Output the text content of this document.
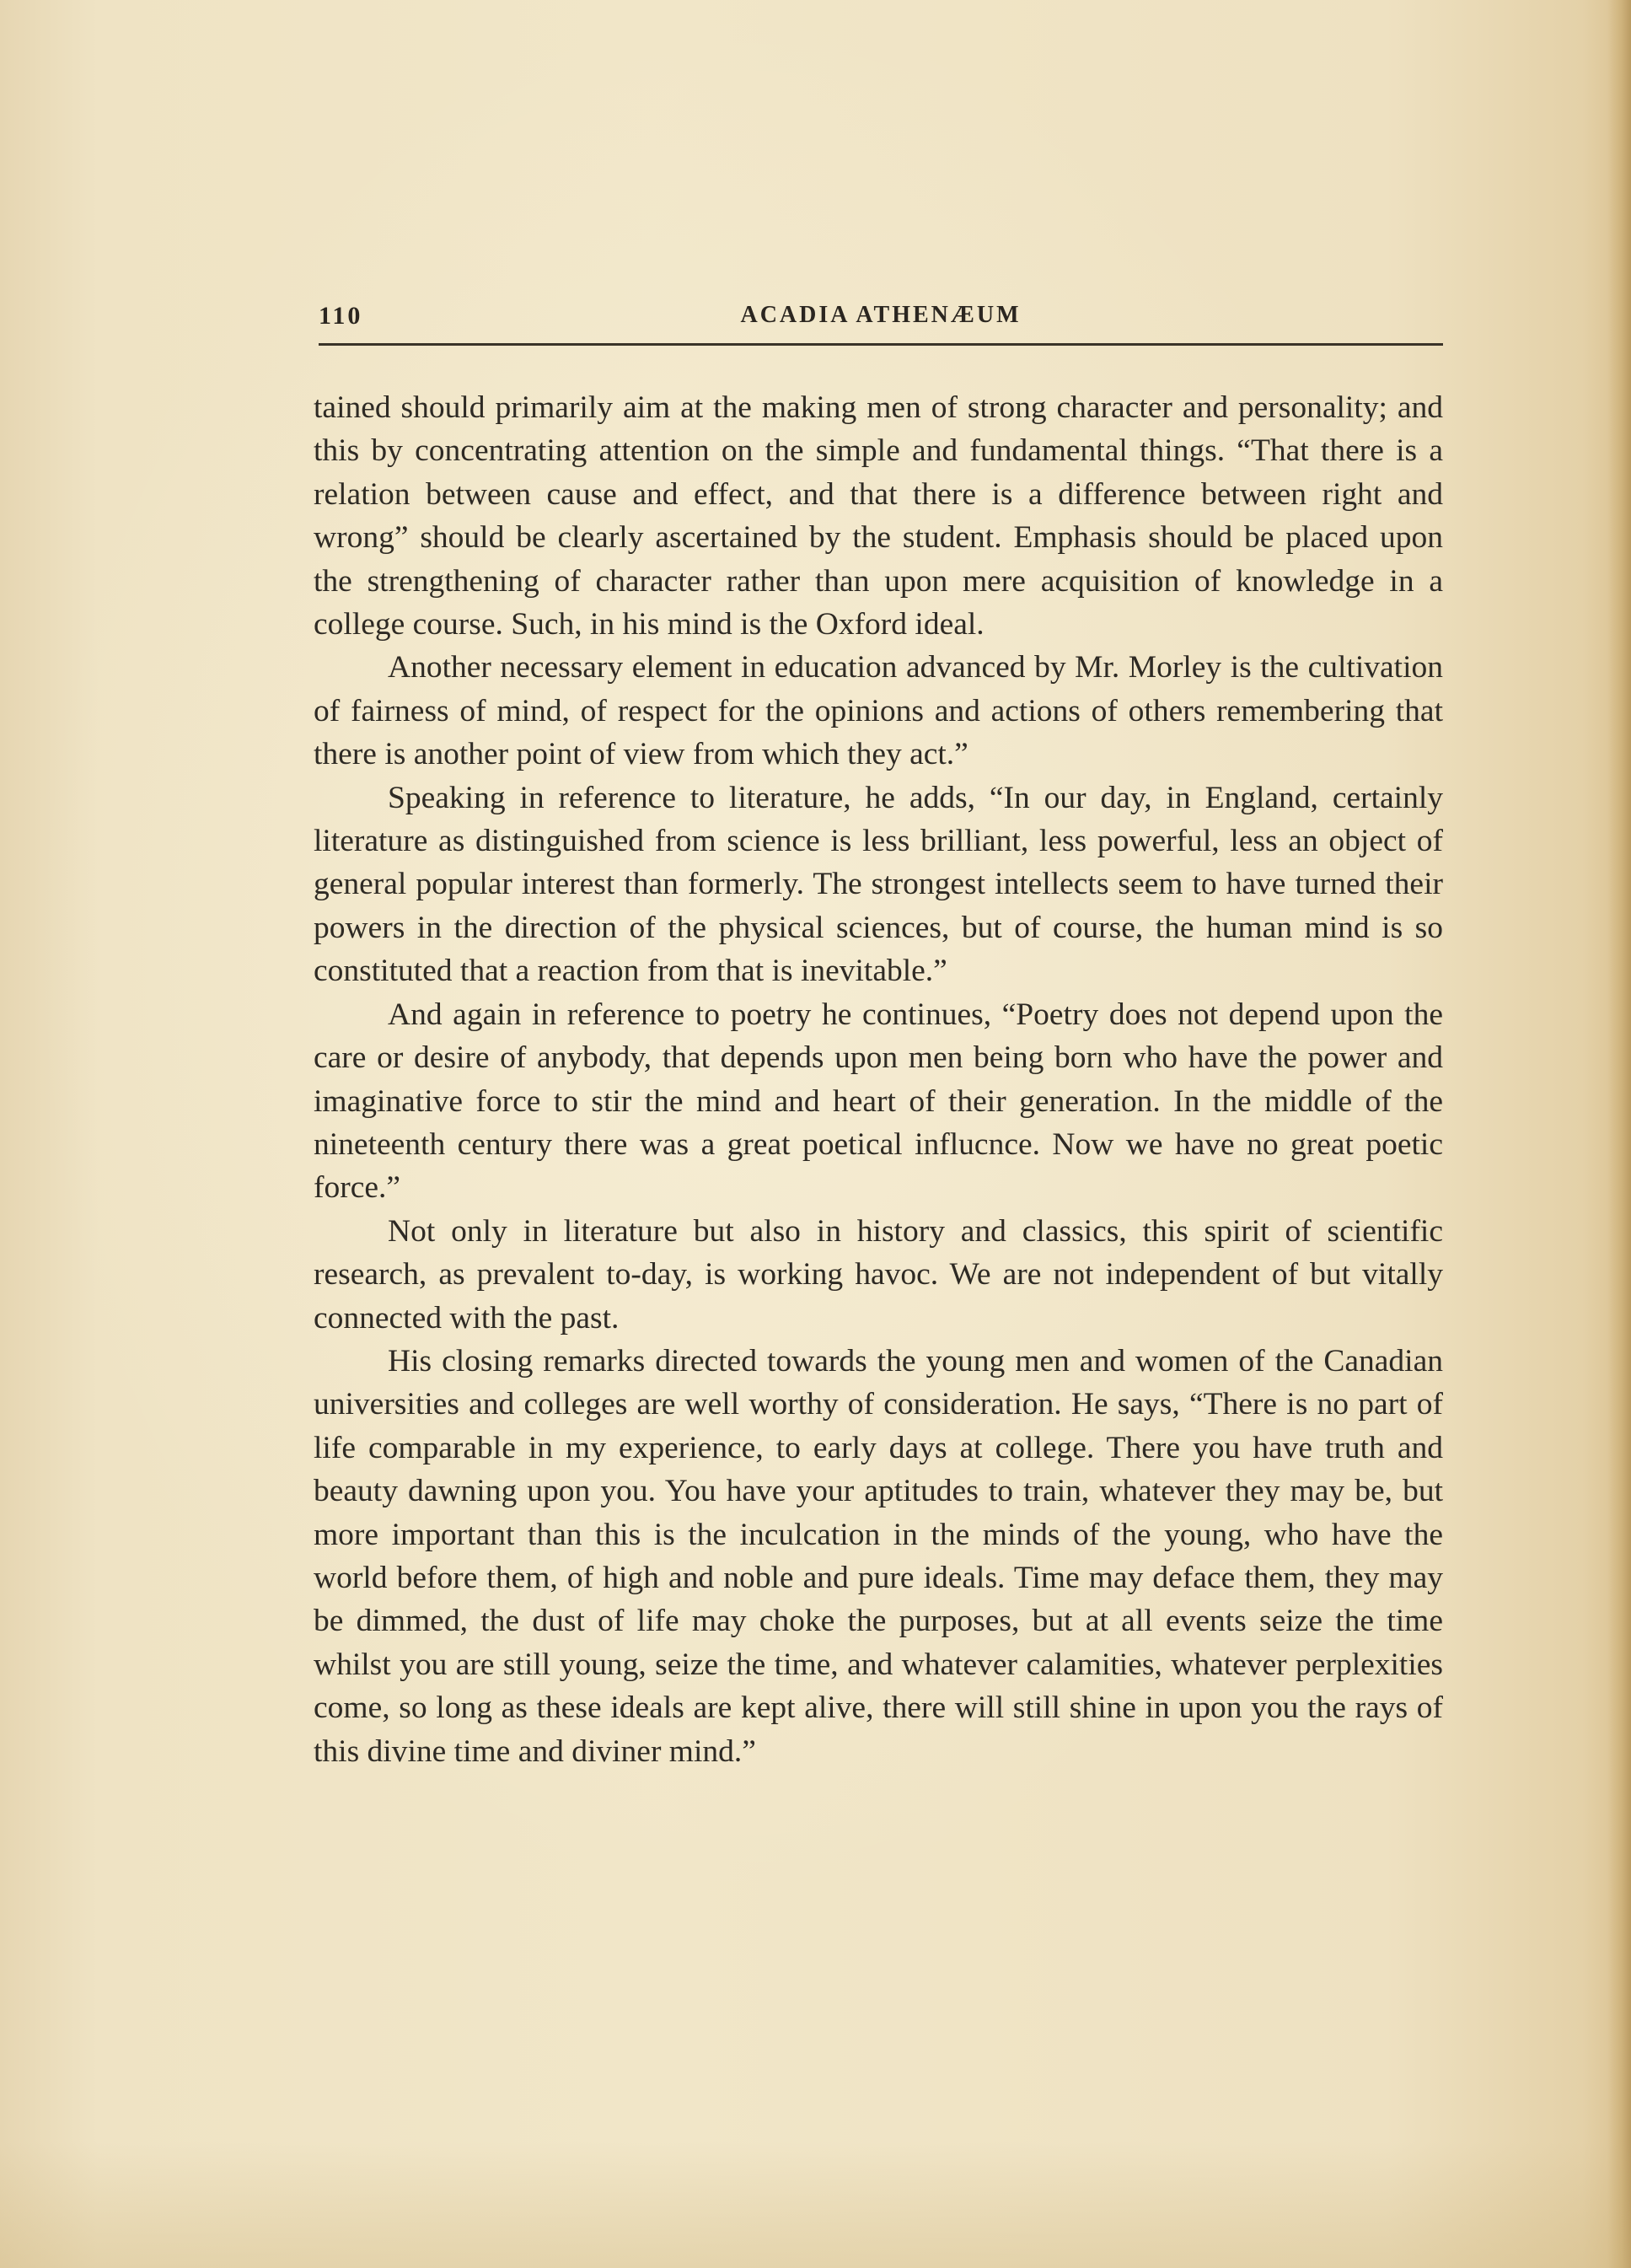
110	ACADIA ATHENÆUM

tained should primarily aim at the making men of strong character and personality; and this by concentrating attention on the simple and fundamental things. “That there is a relation between cause and effect, and that there is a difference between right and wrong” should be clearly ascertained by the student. Emphasis should be placed upon the strengthening of character rather than upon mere acquisition of knowledge in a college course. Such, in his mind is the Oxford ideal.

Another necessary element in education advanced by Mr. Morley is the cultivation of fairness of mind, of respect for the opinions and actions of others remembering that there is another point of view from which they act.”

Speaking in reference to literature, he adds, “In our day, in England, certainly literature as distinguished from science is less brilliant, less powerful, less an object of general popular interest than formerly. The strongest intellects seem to have turned their powers in the direction of the physical sciences, but of course, the human mind is so constituted that a reaction from that is inevitable.”

And again in reference to poetry he continues, “Poetry does not depend upon the care or desire of anybody, that depends upon men being born who have the power and imaginative force to stir the mind and heart of their generation. In the middle of the nineteenth century there was a great poetical influcnce. Now we have no great poetic force.”

Not only in literature but also in history and classics, this spirit of scientific research, as prevalent to-day, is working havoc. We are not independent of but vitally connected with the past.

His closing remarks directed towards the young men and women of the Canadian universities and colleges are well worthy of consideration. He says, “There is no part of life comparable in my experience, to early days at college. There you have truth and beauty dawning upon you. You have your aptitudes to train, whatever they may be, but more important than this is the inculcation in the minds of the young, who have the world before them, of high and noble and pure ideals. Time may deface them, they may be dimmed, the dust of life may choke the purposes, but at all events seize the time whilst you are still young, seize the time, and whatever calamities, whatever perplexities come, so long as these ideals are kept alive, there will still shine in upon you the rays of this divine time and diviner mind.”
